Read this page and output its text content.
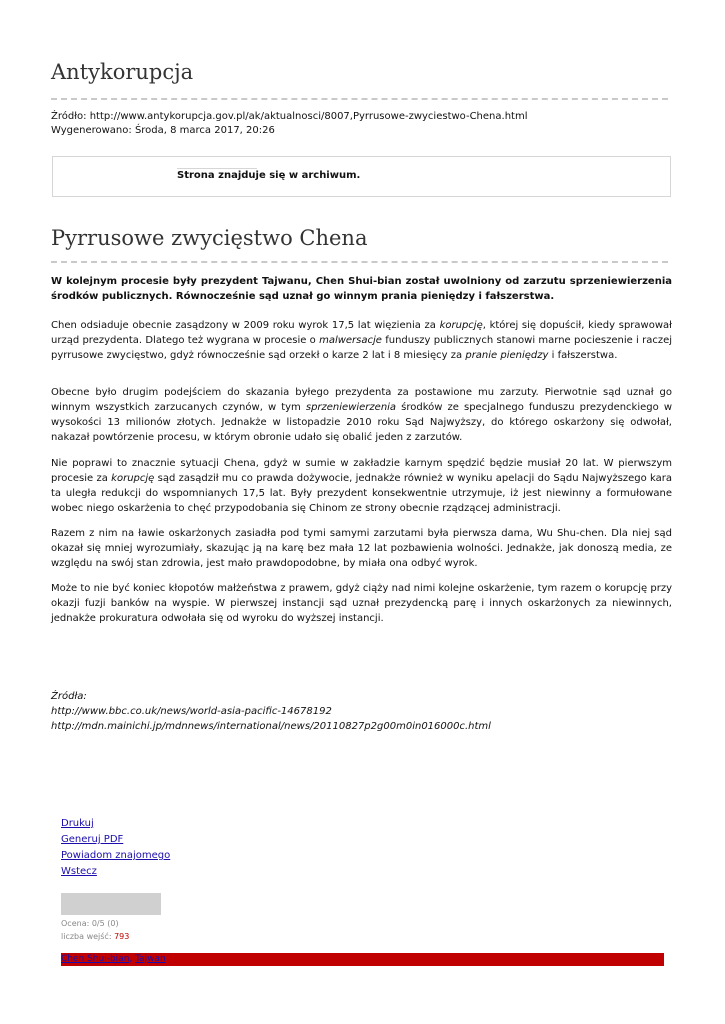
Antykorupcja
Źródło: http://www.antykorupcja.gov.pl/ak/aktualnosci/8007,Pyrrusowe-zwyciestwo-Chena.html
Wygenerowano: Środa, 8 marca 2017, 20:26
Strona znajduje się w archiwum.
Pyrrusowe zwycięstwo Chena

W kolejnym procesie były prezydent Tajwanu, Chen Shui-bian został uwolniony od zarzutu sprzeniewierzenia środków publicznych. Równocześnie sąd uznał go winnym prania pieniędzy i fałszerstwa.

Chen odsiaduje obecnie zasądzony w 2009 roku wyrok 17,5 lat więzienia za korupcję, której się dopuścił, kiedy sprawował urząd prezydenta. Dlatego też wygrana w procesie o malwersacje funduszy publicznych stanowi marne pocieszenie i raczej pyrrusowe zwycięstwo, gdyż równocześnie sąd orzekł o karze 2 lat i 8 miesięcy za pranie pieniędzy i fałszerstwa.

Obecne było drugim podejściem do skazania byłego prezydenta za postawione mu zarzuty. Pierwotnie sąd uznał go winnym wszystkich zarzucanych czynów, w tym sprzeniewierzenia środków ze specjalnego funduszu prezydenckiego w wysokości 13 milionów złotych. Jednakże w listopadzie 2010 roku Sąd Najwyższy, do którego oskarżony się odwołał, nakazał powtórzenie procesu, w którym obronie udało się obalić jeden z zarzutów.

Nie poprawi to znacznie sytuacji Chena, gdyż w sumie w zakładzie karnym spędzić będzie musiał 20 lat. W pierwszym procesie za korupcję sąd zasądził mu co prawda dożywocie, jednakże również w wyniku apelacji do Sądu Najwyższego kara ta uległa redukcji do wspomnianych 17,5 lat. Były prezydent konsekwentnie utrzymuje, iż jest niewinny a formułowane wobec niego oskarżenia to chęć przypodobania się Chinom ze strony obecnie rządzącej administracji.

Razem z nim na ławie oskarżonych zasiadła pod tymi samymi zarzutami była pierwsza dama, Wu Shu-chen. Dla niej sąd okazał się mniej wyrozumiały, skazując ją na karę bez mała 12 lat pozbawienia wolności. Jednakże, jak donoszą media, ze względu na swój stan zdrowia, jest mało prawdopodobne, by miała ona odbyć wyrok.

Może to nie być koniec kłopotów małżeństwa z prawem, gdyż ciąży nad nimi kolejne oskarżenie, tym razem o korupcję przy okazji fuzji banków na wyspie. W pierwszej instancji sąd uznał prezydencką parę i innych oskarżonych za niewinnych, jednakże prokuratura odwołała się od wyroku do wyższej instancji.

Źródła:
http://www.bbc.co.uk/news/world-asia-pacific-14678192
http://mdn.mainichi.jp/mdnnews/international/news/20110827p2g00m0in016000c.html
Drukuj
Generuj PDF
Powiadom znajomego
Wstecz
Ocena: 0/5 (0)
liczba wejść: 793
Chen Shui-bian, Tajwan
